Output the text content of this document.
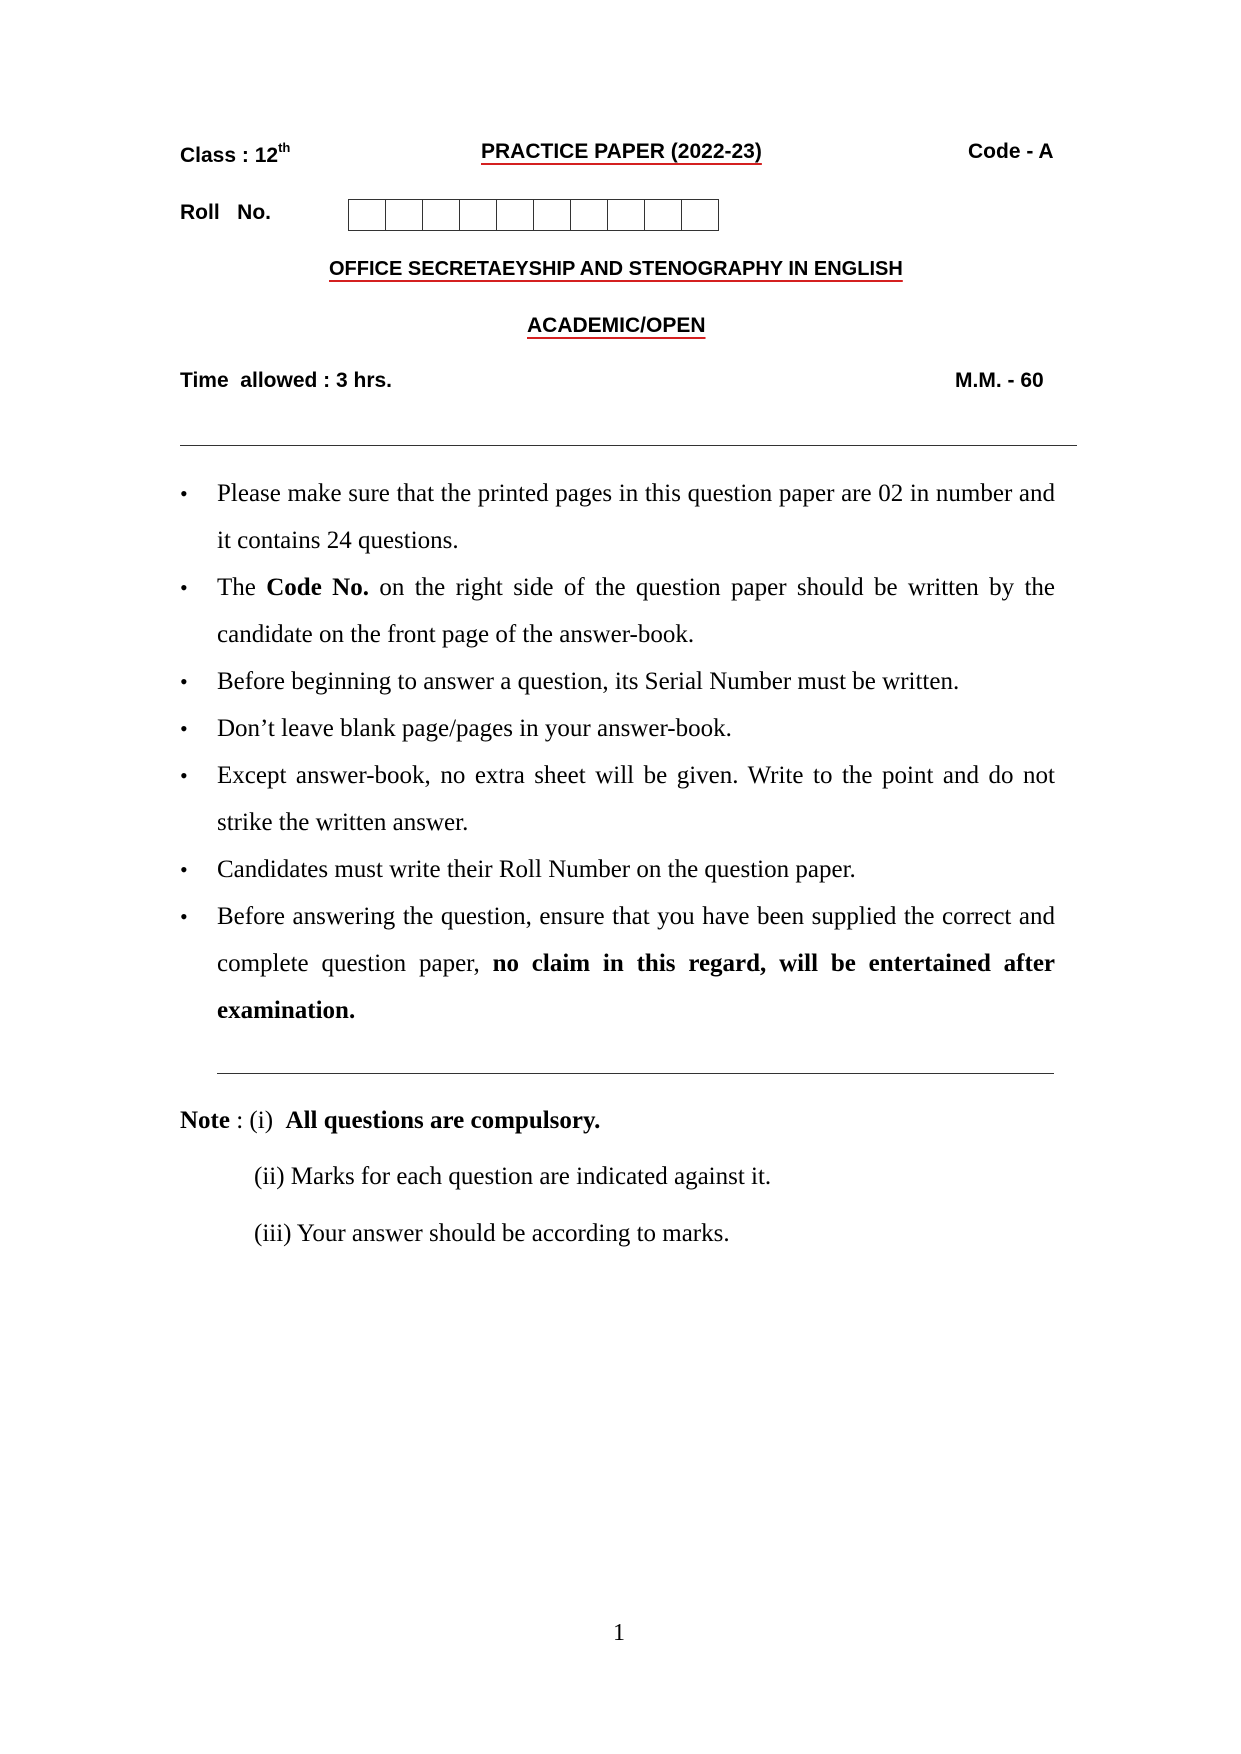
Class : 12th	PRACTICE PAPER (2022-23)	Code - A
Roll   No.
OFFICE SECRETAEYSHIP AND STENOGRAPHY IN ENGLISH
ACADEMIC/OPEN
Time  allowed : 3 hrs.	M.M. - 60
• Please make sure that the printed pages in this question paper are 02 in number and it contains 24 questions.
• The Code No. on the right side of the question paper should be written by the candidate on the front page of the answer-book.
• Before beginning to answer a question, its Serial Number must be written.
• Don’t leave blank page/pages in your answer-book.
• Except answer-book, no extra sheet will be given. Write to the point and do not strike the written answer.
• Candidates must write their Roll Number on the question paper.
• Before answering the question, ensure that you have been supplied the correct and complete question paper, no claim in this regard, will be entertained after examination.
Note : (i)  All questions are compulsory.
(ii) Marks for each question are indicated against it.
(iii) Your answer should be according to marks.
1
